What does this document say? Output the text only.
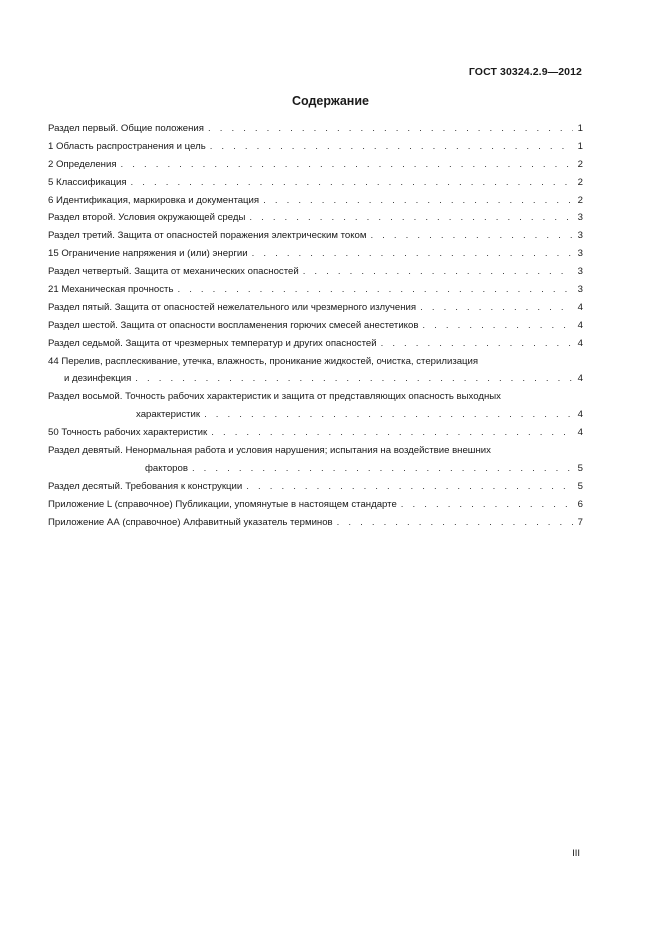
ГОСТ 30324.2.9—2012
Содержание
Раздел первый. Общие положения . . .	1
1 Область распространения и цель . . .	1
2 Определения . . .	2
5 Классификация . . .	2
6 Идентификация, маркировка и документация . . .	2
Раздел второй. Условия окружающей среды . . .	3
Раздел третий. Защита от опасностей поражения электрическим током . . .	3
15 Ограничение напряжения и (или) энергии . . .	3
Раздел четвертый. Защита от механических опасностей . . .	3
21 Механическая прочность . . .	3
Раздел пятый. Защита от опасностей нежелательного или чрезмерного излучения . . .	4
Раздел шестой. Защита от опасности воспламенения горючих смесей анестетиков . . .	4
Раздел седьмой. Защита от чрезмерных температур и других опасностей . . .	4
44 Перелив, расплескивание, утечка, влажность, проникание жидкостей, очистка, стерилизация
и дезинфекция . . .	4
Раздел восьмой. Точность рабочих характеристик и защита от представляющих опасность выходных
характеристик . . .	4
50 Точность рабочих характеристик . . .	4
Раздел девятый. Ненормальная работа и условия нарушения; испытания на воздействие внешних
факторов . . .	5
Раздел десятый. Требования к конструкции . . .	5
Приложение L (справочное) Публикации, упомянутые в настоящем стандарте . . .	6
Приложение АА (справочное) Алфавитный указатель терминов . . .	7
III
